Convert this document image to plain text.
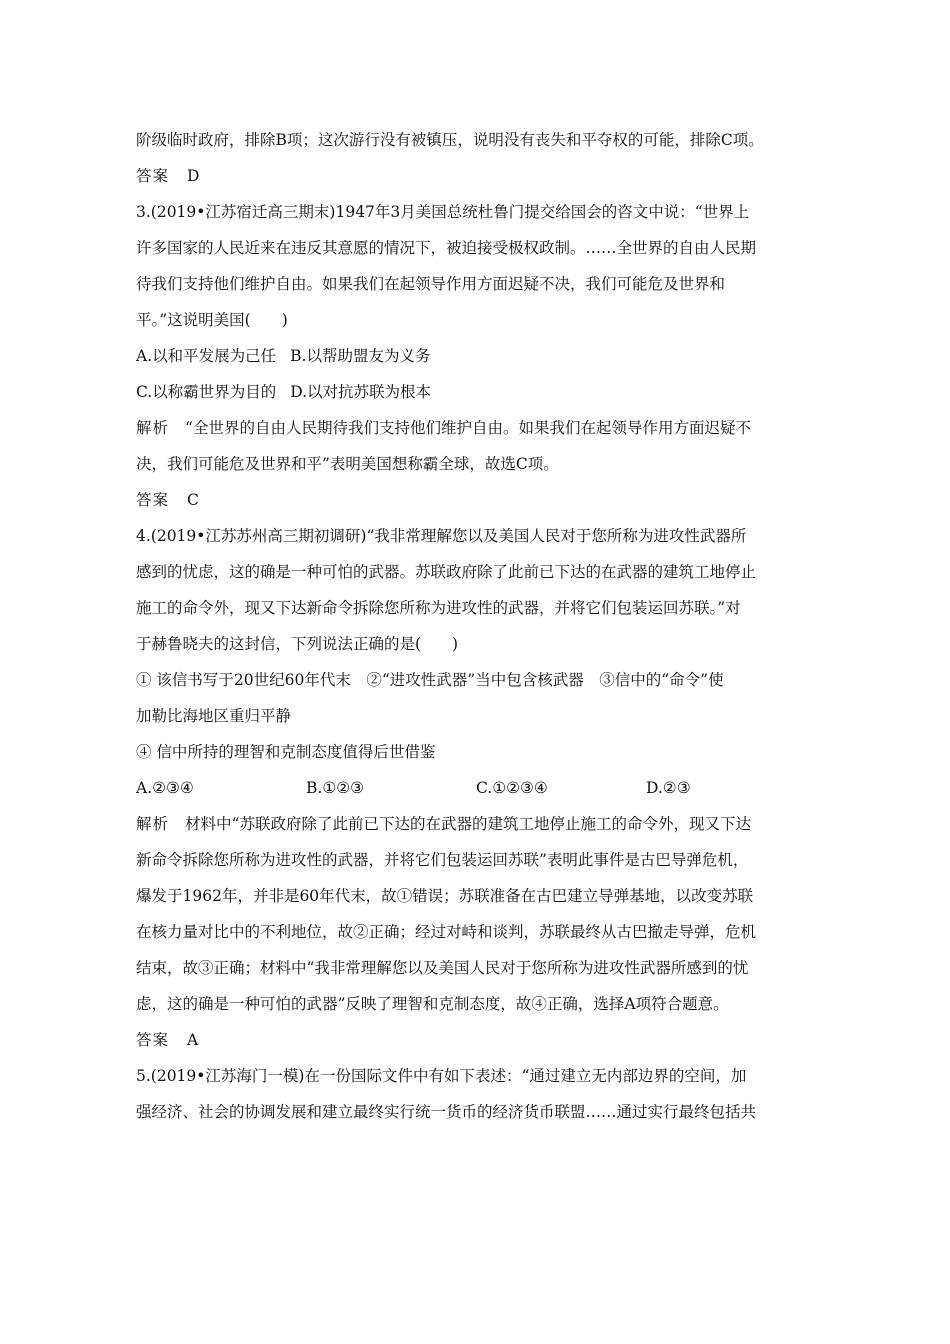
阶级临时政府，排除B项；这次游行没有被镇压，说明没有丧失和平夺权的可能，排除C项。
答案 D
3.(2019•江苏宿迁高三期末)1947年3月美国总统杜鲁门提交给国会的咨文中说：“世界上
许多国家的人民近来在违反其意愿的情况下，被迫接受极权政制。……全世界的自由人民期
待我们支持他们维护自由。如果我们在起领导作用方面迟疑不决，我们可能危及世界和
平。”这说明美国(　　)
A.以和平发展为己任 B.以帮助盟友为义务
C.以称霸世界为目的 D.以对抗苏联为根本
解析 “全世界的自由人民期待我们支持他们维护自由。如果我们在起领导作用方面迟疑不
决，我们可能危及世界和平”表明美国想称霸全球，故选C项。
答案 C
4.(2019•江苏苏州高三期初调研)“我非常理解您以及美国人民对于您所称为进攻性武器所
感到的忧虑，这的确是一种可怕的武器。苏联政府除了此前已下达的在武器的建筑工地停止
施工的命令外，现又下达新命令拆除您所称为进攻性的武器，并将它们包装运回苏联。”对
于赫鲁晓夫的这封信，下列说法正确的是(　　)
① 该信书写于20世纪60年代末　②“进攻性武器”当中包含核武器　③信中的“命令”使
加勒比海地区重归平静
④ 信中所持的理智和克制态度值得后世借鉴
A.②③④	B.①②③	C.①②③④	D.②③
解析 材料中“苏联政府除了此前已下达的在武器的建筑工地停止施工的命令外，现又下达
新命令拆除您所称为进攻性的武器，并将它们包装运回苏联”表明此事件是古巴导弹危机，
爆发于1962年，并非是60年代末，故①错误；苏联准备在古巴建立导弹基地，以改变苏联
在核力量对比中的不利地位，故②正确；经过对峙和谈判，苏联最终从古巴撤走导弹，危机
结束，故③正确；材料中“我非常理解您以及美国人民对于您所称为进攻性武器所感到的忧
虑，这的确是一种可怕的武器”反映了理智和克制态度，故④正确，选择A项符合题意。
答案 A
5.(2019•江苏海门一模)在一份国际文件中有如下表述：“通过建立无内部边界的空间，加
强经济、社会的协调发展和建立最终实行统一货币的经济货币联盟……通过实行最终包括共
